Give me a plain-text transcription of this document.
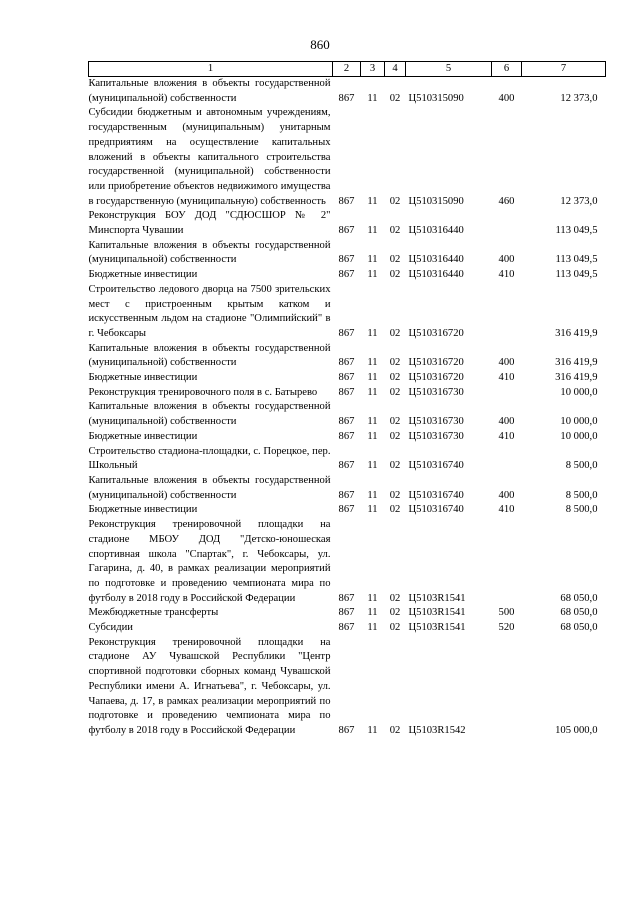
860
1	2	3	4	5	6	7
Капитальные вложения в объекты государственной (муниципальной) собственности	867	11	02	Ц510315090	400	12 373,0
Субсидии бюджетным и автономным учреждениям, государственным (муниципальным) унитарным предприятиям на осуществление капитальных вложений в объекты капитального строительства государственной (муниципальной) собственности или приобретение объектов недвижимого имущества в государственную (муниципальную) собственность	867	11	02	Ц510315090	460	12 373,0
Реконструкция БОУ ДОД "СДЮСШОР № 2" Минспорта Чувашии	867	11	02	Ц510316440		113 049,5
Капитальные вложения в объекты государственной (муниципальной) собственности	867	11	02	Ц510316440	400	113 049,5
Бюджетные инвестиции	867	11	02	Ц510316440	410	113 049,5
Строительство ледового дворца на 7500 зрительских мест с пристроенным крытым катком и искусственным льдом на стадионе "Олимпийский" в г. Чебоксары	867	11	02	Ц510316720		316 419,9
Капитальные вложения в объекты государственной (муниципальной) собственности	867	11	02	Ц510316720	400	316 419,9
Бюджетные инвестиции	867	11	02	Ц510316720	410	316 419,9
Реконструкция тренировочного поля в с. Батырево	867	11	02	Ц510316730		10 000,0
Капитальные вложения в объекты государственной (муниципальной) собственности	867	11	02	Ц510316730	400	10 000,0
Бюджетные инвестиции	867	11	02	Ц510316730	410	10 000,0
Строительство стадиона-площадки, с. Порецкое, пер. Школьный	867	11	02	Ц510316740		8 500,0
Капитальные вложения в объекты государственной (муниципальной) собственности	867	11	02	Ц510316740	400	8 500,0
Бюджетные инвестиции	867	11	02	Ц510316740	410	8 500,0
Реконструкция тренировочной площадки на стадионе МБОУ ДОД "Детско-юношеская спортивная школа "Спартак", г. Чебоксары, ул. Гагарина, д. 40, в рамках реализации мероприятий по подготовке и проведению чемпионата мира по футболу в 2018 году в Российской Федерации	867	11	02	Ц5103R1541		68 050,0
Межбюджетные трансферты	867	11	02	Ц5103R1541	500	68 050,0
Субсидии	867	11	02	Ц5103R1541	520	68 050,0
Реконструкция тренировочной площадки на стадионе АУ Чувашской Республики "Центр спортивной подготовки сборных команд Чувашской Республики имени А. Игнатьева", г. Чебоксары, ул. Чапаева, д. 17, в рамках реализации мероприятий по подготовке и проведению чемпионата мира по футболу в 2018 году в Российской Федерации	867	11	02	Ц5103R1542		105 000,0
